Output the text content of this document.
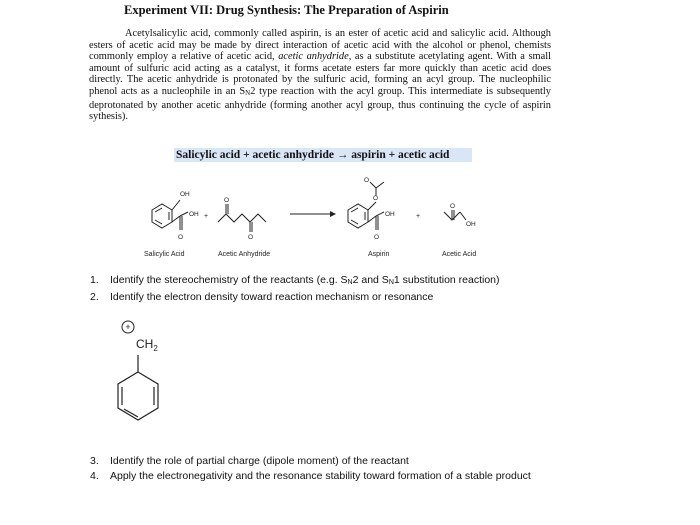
Experiment VII: Drug Synthesis: The Preparation of Aspirin

Acetylsalicylic acid, commonly called aspirin, is an ester of acetic acid and salicylic acid. Although esters of acetic acid may be made by direct interaction of acetic acid with the alcohol or phenol, chemists commonly employ a relative of acetic acid, acetic anhydride, as a substitute acetylating agent. With a small amount of sulfuric acid acting as a catalyst, it forms acetate esters far more quickly than acetic acid does directly. The acetic anhydride is protonated by the sulfuric acid, forming an acyl group. The nucleophilic phenol acts as a nucleophile in an $S_N2$ type reaction with the acyl group. This intermediate is subsequently deprotonated by another acetic anhydride (forming another acyl group, thus continuing the cycle of aspirin sythesis).

Salicylic acid + acetic anhydride → aspirin + acetic acid
OH
OH
O
+
O
O
O
O
OH
O
+
O
OH
Salicylic Acid	Acetic Anhydride	Aspirin	Acetic Acid
1. Identify the stereochemistry of the reactants (e.g. $S_N2$ and $S_N1$ substitution reaction)
2. Identify the electron density toward reaction mechanism or resonance
+
$CH_2$
3. Identify the role of partial charge (dipole moment) of the reactant
4. Apply the electronegativity and the resonance stability toward formation of a stable product
